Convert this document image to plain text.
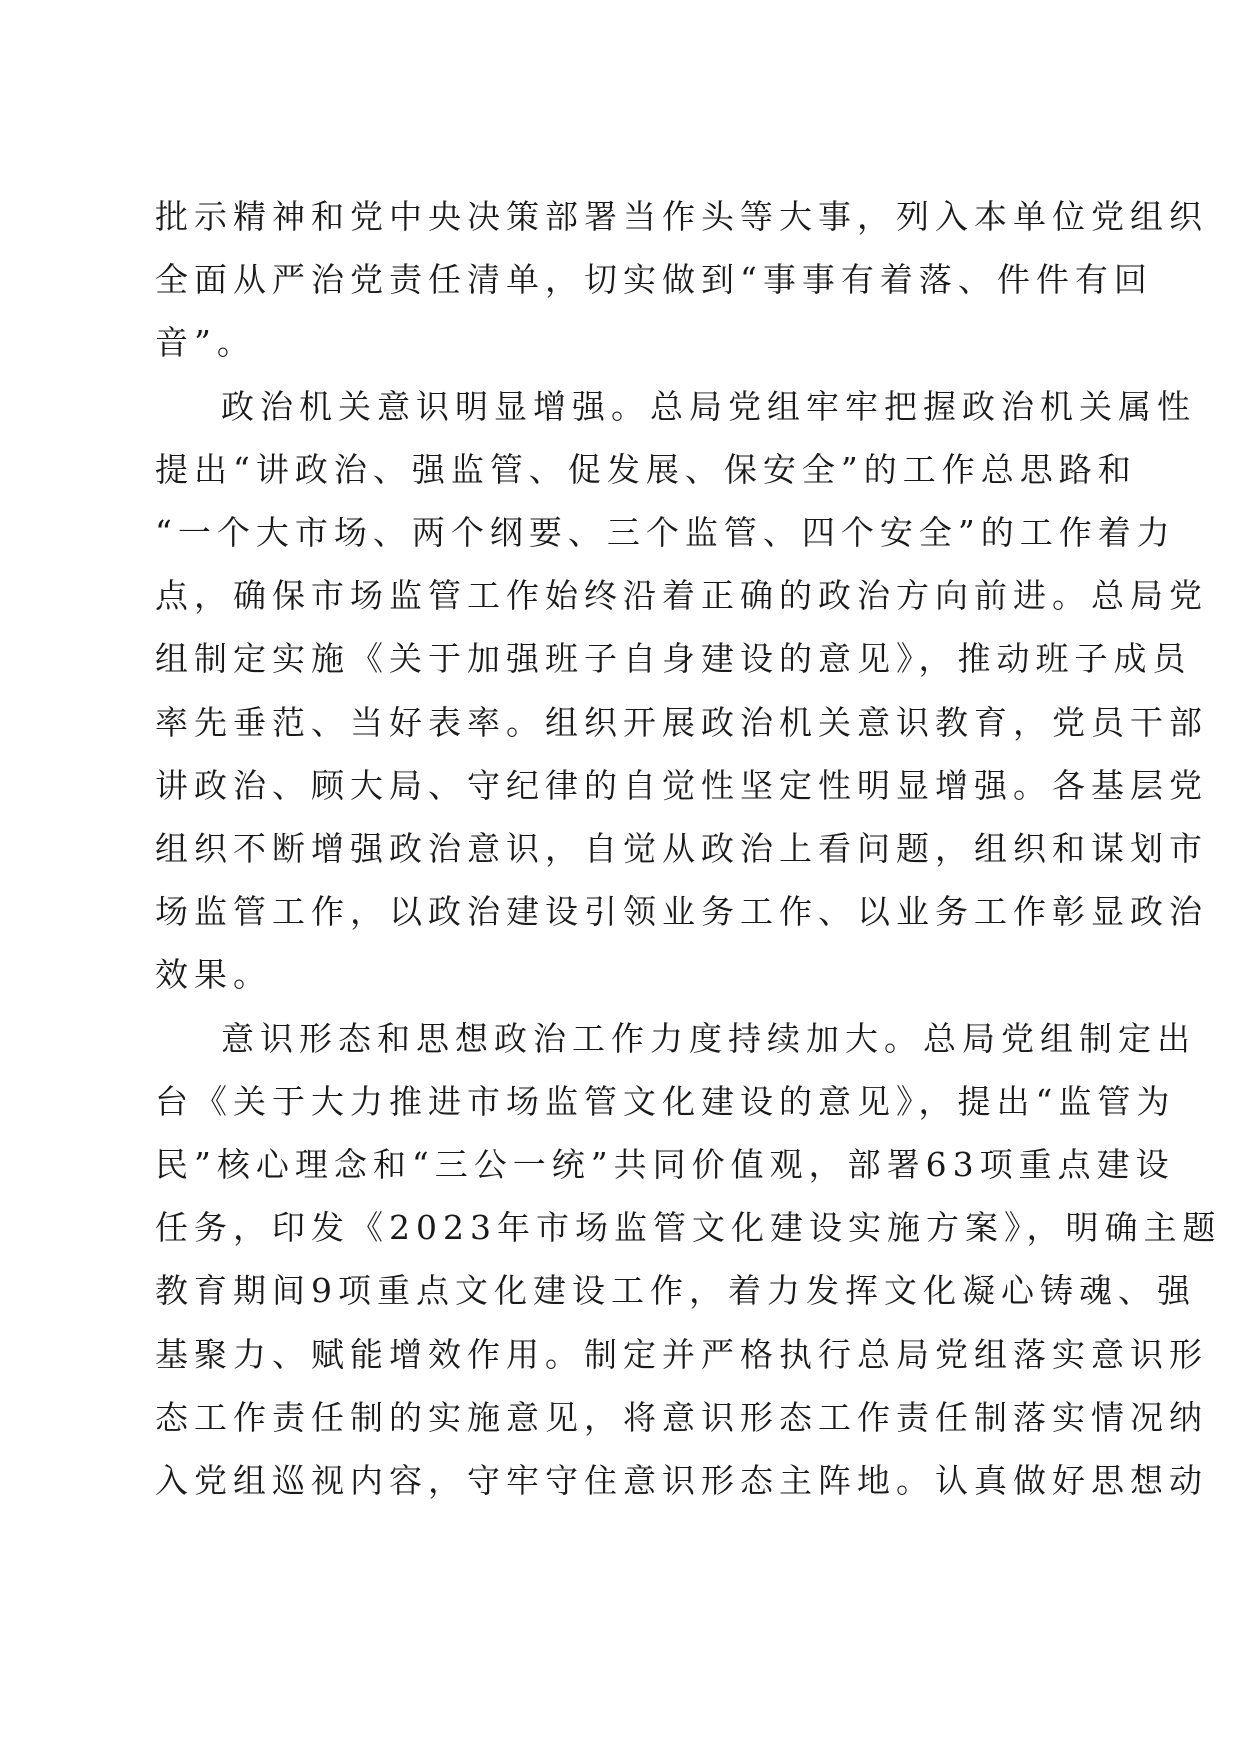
批示精神和党中央决策部署当作头等大事，列入本单位党组织
全面从严治党责任清单，切实做到“事事有着落、件件有回
音”。
政治机关意识明显增强。总局党组牢牢把握政治机关属性
提出“讲政治、强监管、促发展、保安全”的工作总思路和
“一个大市场、两个纲要、三个监管、四个安全”的工作着力
点，确保市场监管工作始终沿着正确的政治方向前进。总局党
组制定实施《关于加强班子自身建设的意见》，推动班子成员
率先垂范、当好表率。组织开展政治机关意识教育，党员干部
讲政治、顾大局、守纪律的自觉性坚定性明显增强。各基层党
组织不断增强政治意识，自觉从政治上看问题，组织和谋划市
场监管工作，以政治建设引领业务工作、以业务工作彰显政治
效果。
意识形态和思想政治工作力度持续加大。总局党组制定出
台《关于大力推进市场监管文化建设的意见》，提出“监管为
民”核心理念和“三公一统”共同价值观，部署63项重点建设
任务，印发《2023年市场监管文化建设实施方案》，明确主题
教育期间9项重点文化建设工作，着力发挥文化凝心铸魂、强
基聚力、赋能增效作用。制定并严格执行总局党组落实意识形
态工作责任制的实施意见，将意识形态工作责任制落实情况纳
入党组巡视内容，守牢守住意识形态主阵地。认真做好思想动
